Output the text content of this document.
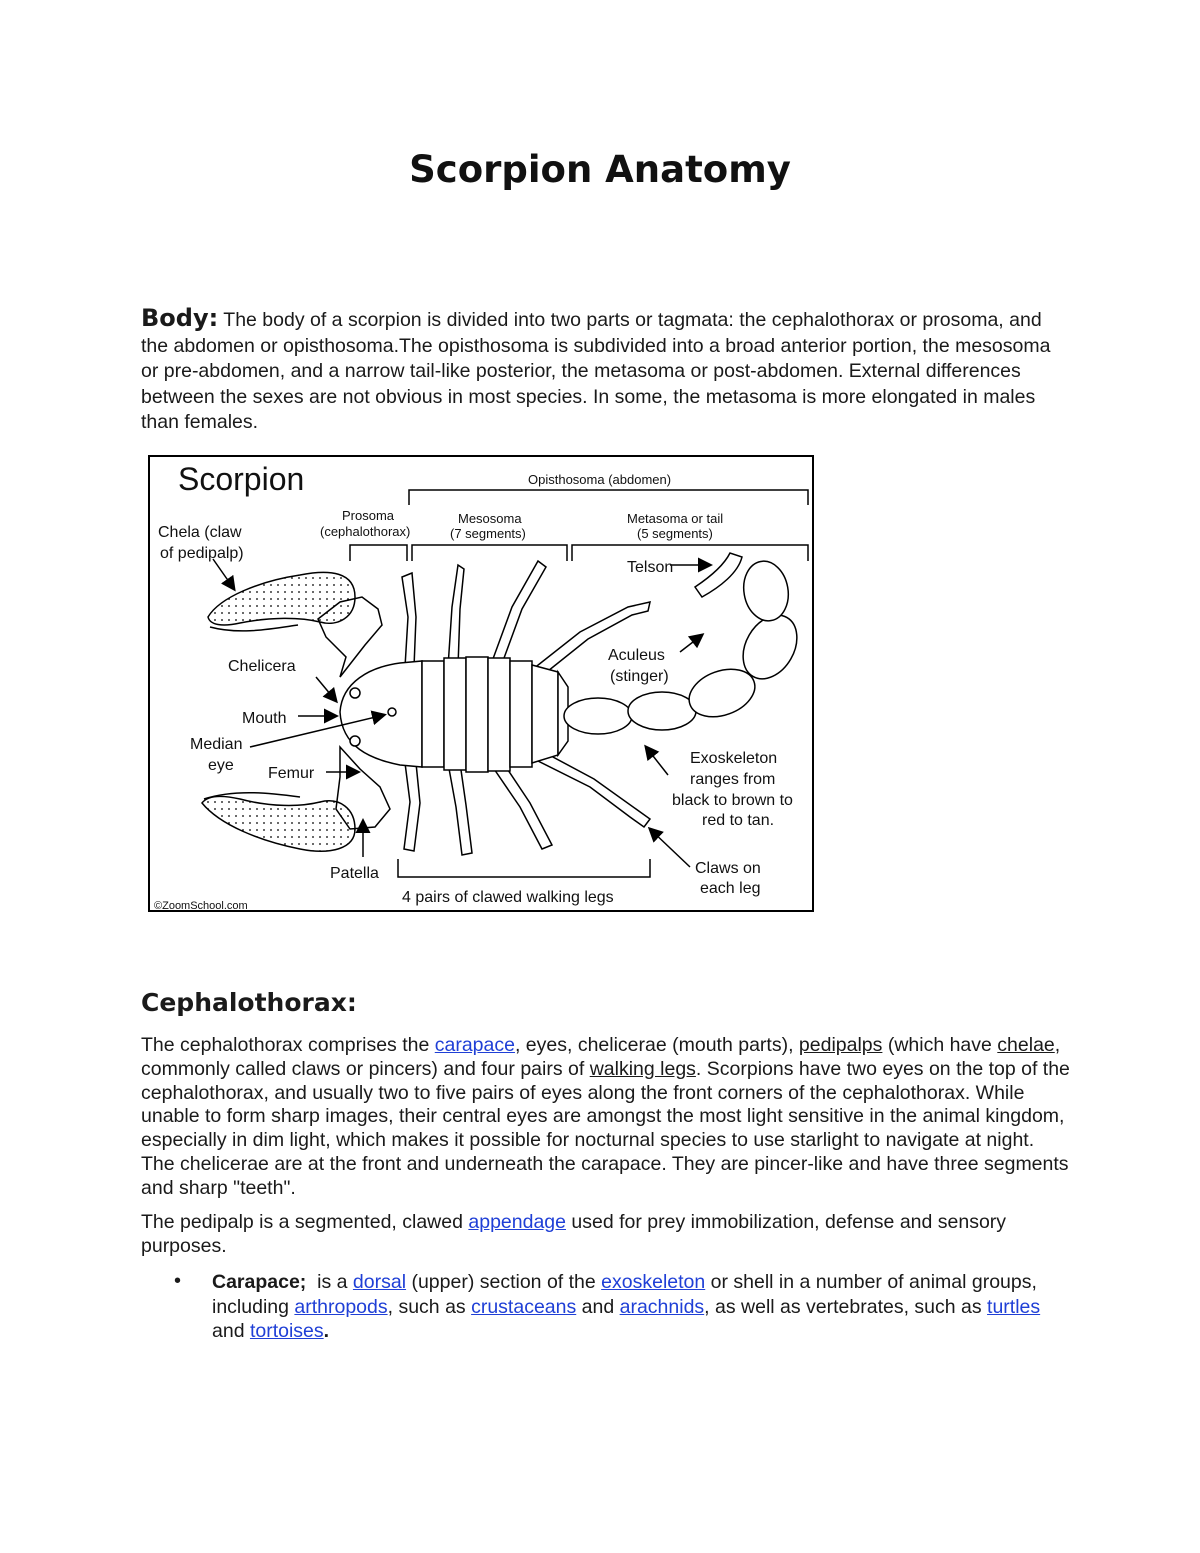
Scorpion Anatomy
Body: The body of a scorpion is divided into two parts or tagmata: the cephalothorax or prosoma, and the abdomen or opisthosoma.The opisthosoma is subdivided into a broad anterior portion, the mesosoma or pre-abdomen, and a narrow tail-like posterior, the metasoma or post-abdomen. External differences between the sexes are not obvious in most species. In some, the metasoma is more elongated in males than females.
Scorpion	Opisthosoma (abdomen)
Prosoma
(cephalothorax)
Mesosoma
(7 segments)
Metasoma or tail
(5 segments)
Chela (claw
of pedipalp)
Telson
Chelicera
Aculeus
(stinger)
Mouth
Median
eye Femur
Exoskeleton
ranges from
black to brown to
red to tan.
Patella	Claws on
each leg
4 pairs of clawed walking legs
©ZoomSchool.com
Cephalothorax:
The cephalothorax comprises the carapace, eyes, chelicerae (mouth parts), pedipalps (which have chelae, commonly called claws or pincers) and four pairs of walking legs. Scorpions have two eyes on the top of the cephalothorax, and usually two to five pairs of eyes along the front corners of the cephalothorax. While unable to form sharp images, their central eyes are amongst the most light sensitive in the animal kingdom, especially in dim light, which makes it possible for nocturnal species to use starlight to navigate at night. The chelicerae are at the front and underneath the carapace. They are pincer-like and have three segments and sharp "teeth".
The pedipalp is a segmented, clawed appendage used for prey immobilization, defense and sensory purposes.
• Carapace;  is a dorsal (upper) section of the exoskeleton or shell in a number of animal groups, including arthropods, such as crustaceans and arachnids, as well as vertebrates, such as turtles and tortoises.
